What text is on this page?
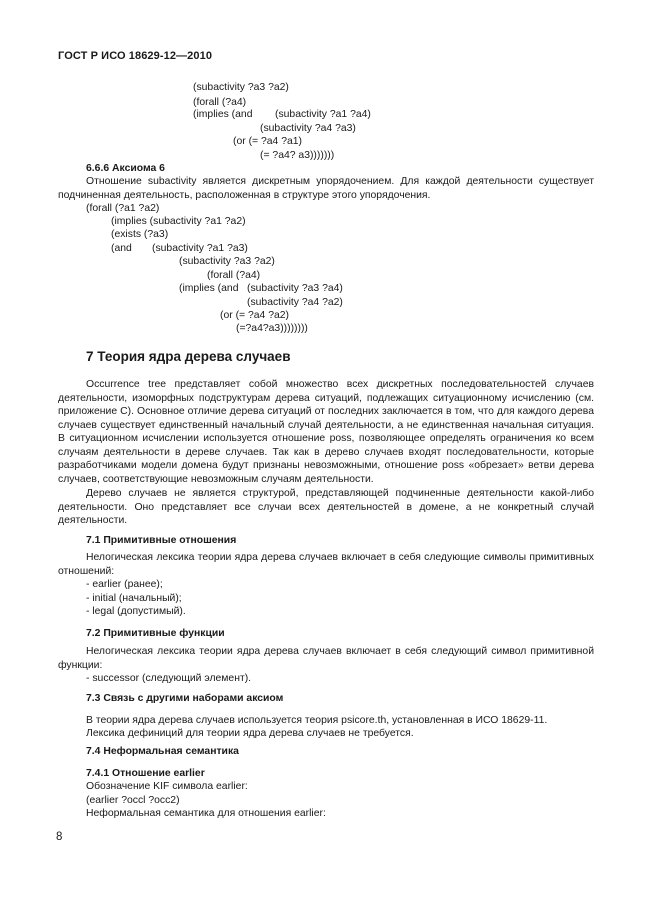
ГОСТ Р ИСО 18629-12—2010
(subactivity ?a3 ?a2)
(forall (?a4)
(implies (and (subactivity ?a1 ?a4)
(subactivity ?a4 ?a3)
(or (= ?a4 ?a1)
(= ?a4? a3)))))))
6.6.6 Аксиома 6
Отношение subactivity является дискретным упорядочением. Для каждой деятельности существует подчиненная деятельность, расположенная в структуре этого упорядочения.
(forall (?a1 ?a2)
(implies (subactivity ?a1 ?a2)
(exists (?a3)
(and (subactivity ?a1 ?a3)
(subactivity ?a3 ?a2)
(forall (?a4)
(implies (and (subactivity ?a3 ?a4)
(subactivity ?a4 ?a2)
(or (= ?a4 ?a2)
(=?a4?a3))))))))
7 Теория ядра дерева случаев
Occurrence tree представляет собой множество всех дискретных последовательностей случаев деятельности, изоморфных подструктурам дерева ситуаций, подлежащих ситуационному исчислению (см. приложение С). Основное отличие дерева ситуаций от последних заключается в том, что для каждого дерева случаев существует единственный начальный случай деятельности, а не единственная начальная ситуация. В ситуационном исчислении используется отношение poss, позволяющее определять ограничения ко всем случаям деятельности в дереве случаев. Так как в дерево случаев входят последовательности, которые разработчиками модели домена будут признаны невозможными, отношение poss «обрезает» ветви дерева случаев, соответствующие невозможным случаям деятельности.
Дерево случаев не является структурой, представляющей подчиненные деятельности какой-либо деятельности. Оно представляет все случаи всех деятельностей в домене, а не конкретный случай деятельности.
7.1 Примитивные отношения
Нелогическая лексика теории ядра дерева случаев включает в себя следующие символы примитивных отношений:
- earlier (ранее);
- initial (начальный);
- legal (допустимый).
7.2 Примитивные функции
Нелогическая лексика теории ядра дерева случаев включает в себя следующий символ примитивной функции:
- successor (следующий элемент).
7.3 Связь с другими наборами аксиом
В теории ядра дерева случаев используется теория psicore.th, установленная в ИСО 18629-11.
Лексика дефиниций для теории ядра дерева случаев не требуется.
7.4 Неформальная семантика
7.4.1 Отношение earlier
Обозначение KIF символа earlier:
(earlier ?occl ?occ2)
Неформальная семантика для отношения earlier:
8
